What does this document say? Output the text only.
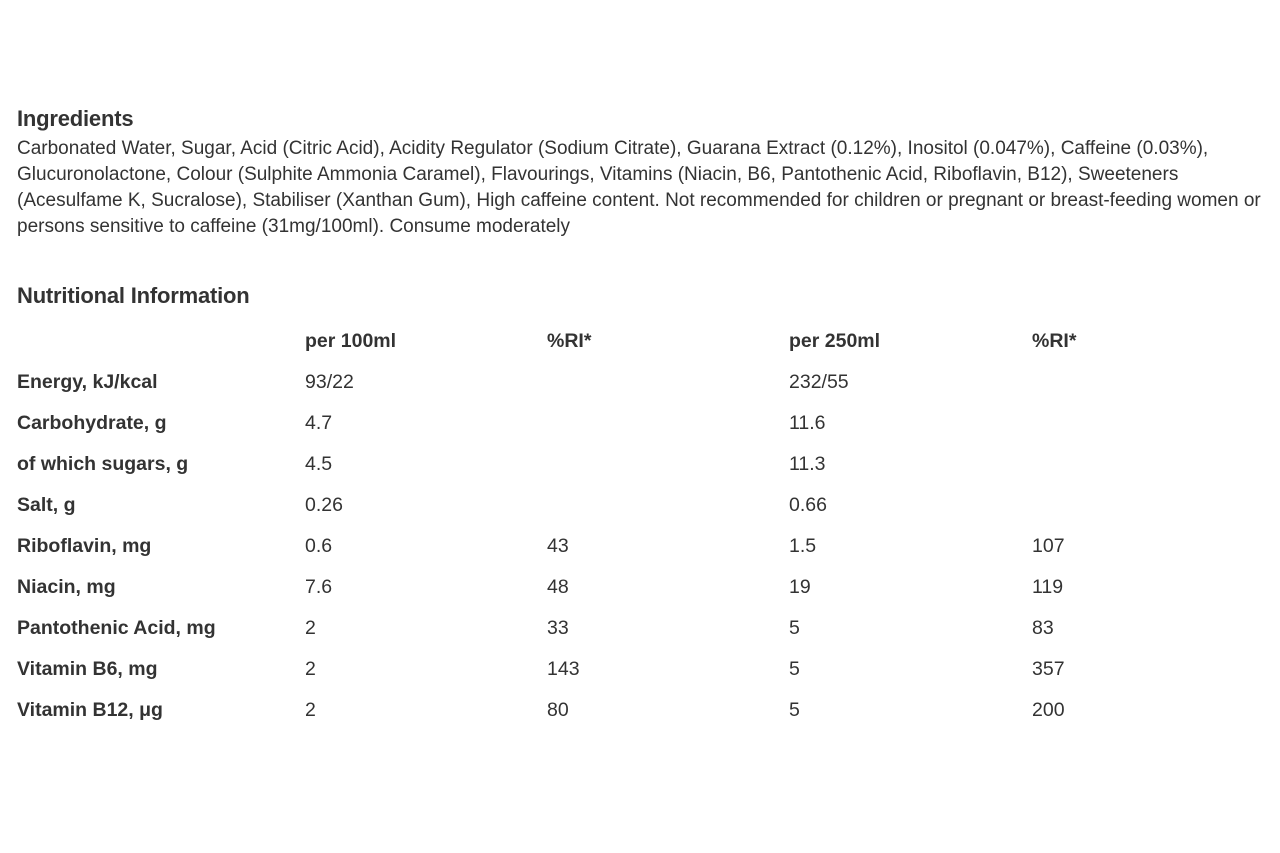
Ingredients

Carbonated Water, Sugar, Acid (Citric Acid), Acidity Regulator (Sodium Citrate), Guarana Extract (0.12%), Inositol (0.047%), Caffeine (0.03%), Glucuronolactone, Colour (Sulphite Ammonia Caramel), Flavourings, Vitamins (Niacin, B6, Pantothenic Acid, Riboflavin, B12), Sweeteners (Acesulfame K, Sucralose), Stabiliser (Xanthan Gum), High caffeine content. Not recommended for children or pregnant or breast-feeding women or persons sensitive to caffeine (31mg/100ml). Consume moderately

Nutritional Information
	per 100ml	%RI*	per 250ml	%RI*
Energy, kJ/kcal	93/22		232/55	
Carbohydrate, g	4.7		11.6	
of which sugars, g	4.5		11.3	
Salt, g	0.26		0.66	
Riboflavin, mg	0.6	43	1.5	107
Niacin, mg	7.6	48	19	119
Pantothenic Acid, mg	2	33	5	83
Vitamin B6, mg	2	143	5	357
Vitamin B12, μg	2	80	5	200
